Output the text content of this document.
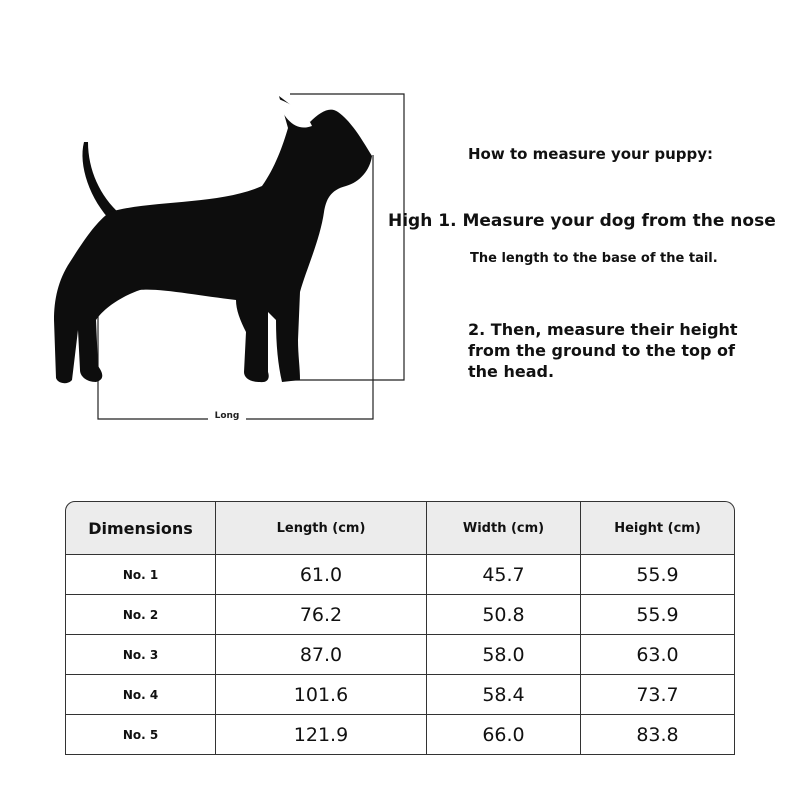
Long
How to measure your puppy:
High 1. Measure your dog from the nose
The length to the base of the tail.
2. Then, measure their height from the ground to the top of the head.
Dimensions	Length (cm)	Width (cm)	Height (cm)
No. 1	61.0	45.7	55.9
No. 2	76.2	50.8	55.9
No. 3	87.0	58.0	63.0
No. 4	101.6	58.4	73.7
No. 5	121.9	66.0	83.8
